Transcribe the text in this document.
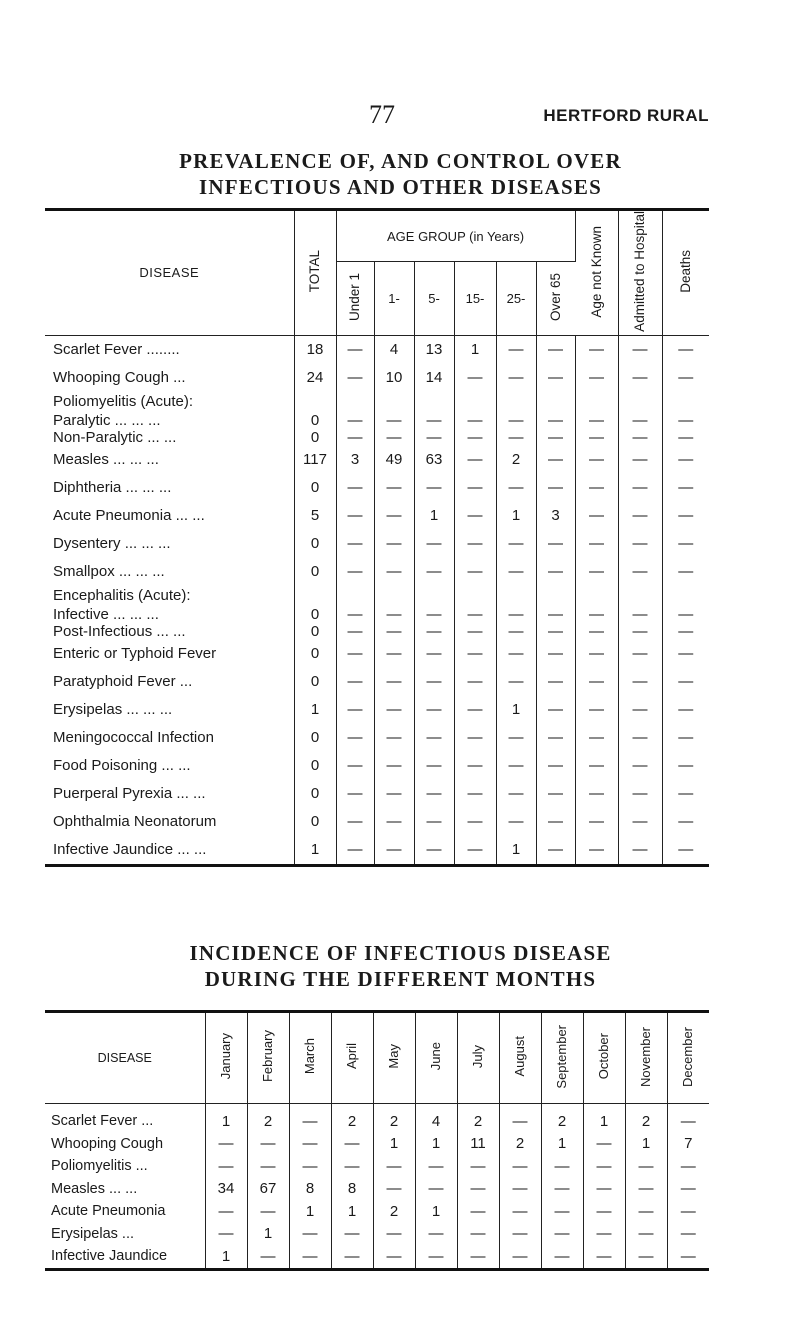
77	HERTFORD RURAL
PREVALENCE OF, AND CONTROL OVER
INFECTIOUS AND OTHER DISEASES
DISEASE	TOTAL	AGE GROUP (in Years)						Age not Known	Admitted to Hospital	Deaths
		Under 1	1-	5-	15-	25-	Over 65			
Scarlet Fever ........	18	—	4	13	1	—	—	—	—	—
Whooping Cough ...	24	—	10	14	—	—	—	—	—	—
Poliomyelitis (Acute):										
Paralytic ... ... ...	0	—	—	—	—	—	—	—	—	—
Non-Paralytic ... ...	0	—	—	—	—	—	—	—	—	—
Measles ... ... ...	117	3	49	63	—	2	—	—	—	—
Diphtheria ... ... ...	0	—	—	—	—	—	—	—	—	—
Acute Pneumonia ... ...	5	—	—	1	—	1	3	—	—	—
Dysentery ... ... ...	0	—	—	—	—	—	—	—	—	—
Smallpox ... ... ...	0	—	—	—	—	—	—	—	—	—
Encephalitis (Acute):										
Infective ... ... ...	0	—	—	—	—	—	—	—	—	—
Post-Infectious ... ...	0	—	—	—	—	—	—	—	—	—
Enteric or Typhoid Fever	0	—	—	—	—	—	—	—	—	—
Paratyphoid Fever ...	0	—	—	—	—	—	—	—	—	—
Erysipelas ... ... ...	1	—	—	—	—	1	—	—	—	—
Meningococcal Infection	0	—	—	—	—	—	—	—	—	—
Food Poisoning ... ...	0	—	—	—	—	—	—	—	—	—
Puerperal Pyrexia ... ...	0	—	—	—	—	—	—	—	—	—
Ophthalmia Neonatorum	0	—	—	—	—	—	—	—	—	—
Infective Jaundice ... ...	1	—	—	—	—	1	—	—	—	—
INCIDENCE OF INFECTIOUS DISEASE
DURING THE DIFFERENT MONTHS
DISEASE	January	February	March	April	May	June	July	August	September	October	November	December
Scarlet Fever ...	1	2	—	2	2	4	2	—	2	1	2	—
Whooping Cough	—	—	—	—	1	1	11	2	1	—	1	7
Poliomyelitis ...	—	—	—	—	—	—	—	—	—	—	—	—
Measles ... ...	34	67	8	8	—	—	—	—	—	—	—	—
Acute Pneumonia	—	—	1	1	2	1	—	—	—	—	—	—
Erysipelas ...	—	1	—	—	—	—	—	—	—	—	—	—
Infective Jaundice	1	—	—	—	—	—	—	—	—	—	—	—
